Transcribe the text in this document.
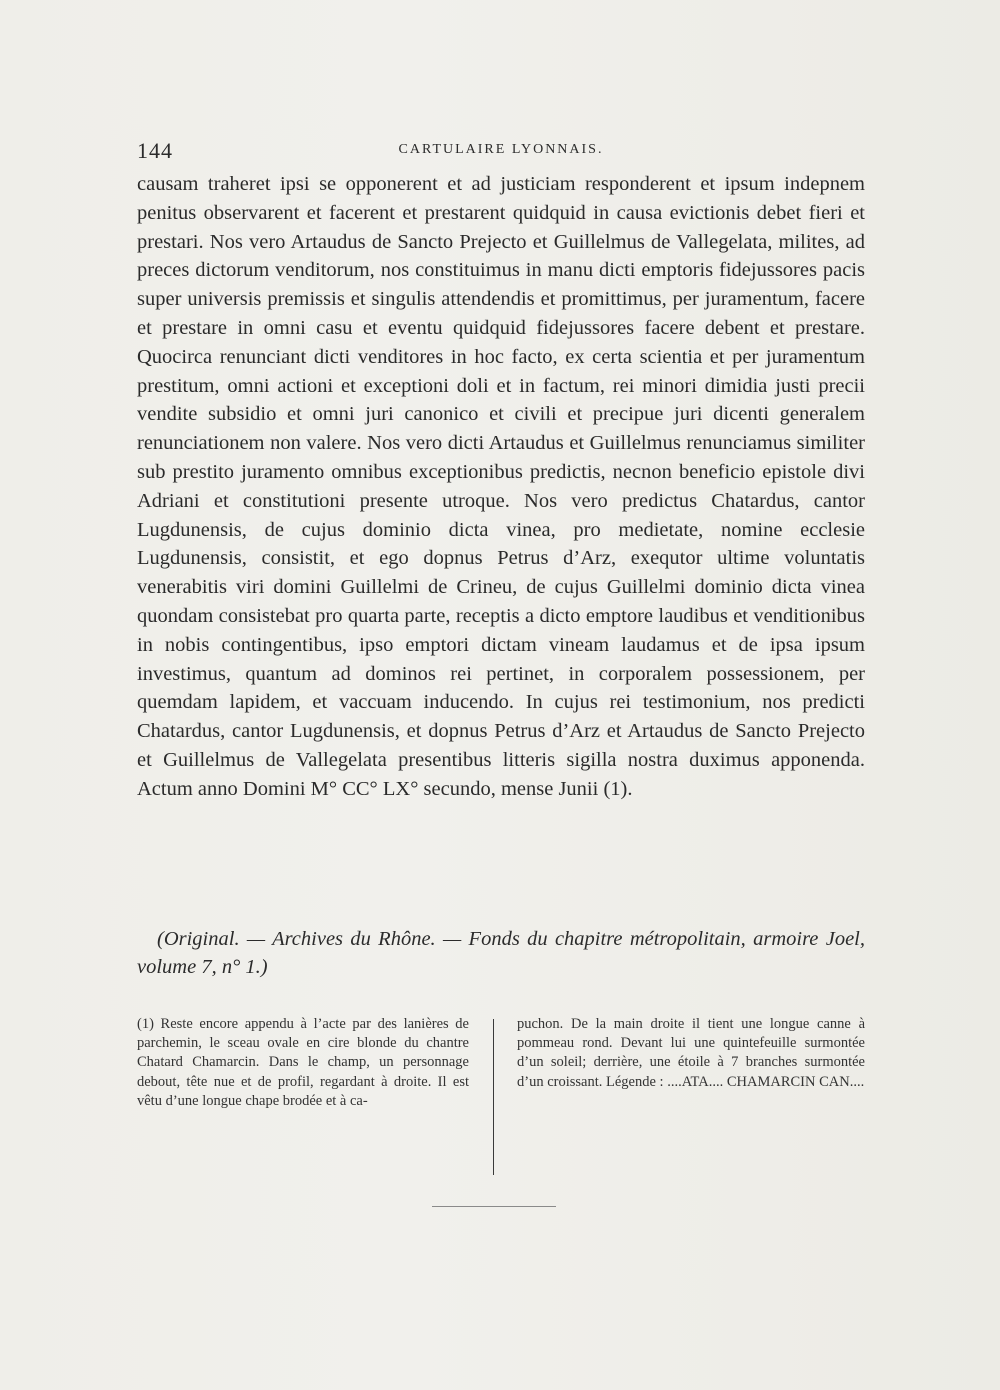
144	CARTULAIRE LYONNAIS.

causam traheret ipsi se opponerent et ad justiciam responderent et ipsum indepnem penitus observarent et facerent et prestarent quidquid in causa evictionis debet fieri et prestari. Nos vero Artaudus de Sancto Prejecto et Guillelmus de Vallegelata, milites, ad preces dictorum venditorum, nos constituimus in manu dicti emptoris fidejussores pacis super universis premissis et singulis attendendis et promittimus, per juramentum, facere et prestare in omni casu et eventu quidquid fidejussores facere debent et prestare. Quocirca renunciant dicti venditores in hoc facto, ex certa scientia et per juramentum prestitum, omni actioni et exceptioni doli et in factum, rei minori dimidia justi precii vendite subsidio et omni juri canonico et civili et precipue juri dicenti generalem renunciationem non valere. Nos vero dicti Artaudus et Guillelmus renunciamus similiter sub prestito juramento omnibus exceptionibus predictis, necnon beneficio epistole divi Adriani et constitutioni presente utroque. Nos vero predictus Chatardus, cantor Lugdunensis, de cujus dominio dicta vinea, pro medietate, nomine ecclesie Lugdunensis, consistit, et ego dopnus Petrus d’Arz, exequtor ultime voluntatis venerabitis viri domini Guillelmi de Crineu, de cujus Guillelmi dominio dicta vinea quondam consistebat pro quarta parte, receptis a dicto emptore laudibus et venditionibus in nobis contingentibus, ipso emptori dictam vineam laudamus et de ipsa ipsum investimus, quantum ad dominos rei pertinet, in corporalem possessionem, per quemdam lapidem, et vaccuam inducendo. In cujus rei testimonium, nos predicti Chatardus, cantor Lugdunensis, et dopnus Petrus d’Arz et Artaudus de Sancto Prejecto et Guillelmus de Vallegelata presentibus litteris sigilla nostra duximus apponenda. Actum anno Domini M° CC° LX° secundo, mense Junii (1).

(Original. — Archives du Rhône. — Fonds du chapitre métropolitain, armoire Joel, volume 7, n° 1.)

(1) Reste encore appendu à l’acte par des lanières de parchemin, le sceau ovale en cire blonde du chantre Chatard Chamarcin. Dans le champ, un personnage debout, tête nue et de profil, regardant à droite. Il est vêtu d’une longue chape brodée et à ca-

puchon. De la main droite il tient une longue canne à pommeau rond. Devant lui une quintefeuille surmontée d’un soleil; derrière, une étoile à 7 branches surmontée d’un croissant. Légende : ....ATA.... CHAMARCIN CAN....
